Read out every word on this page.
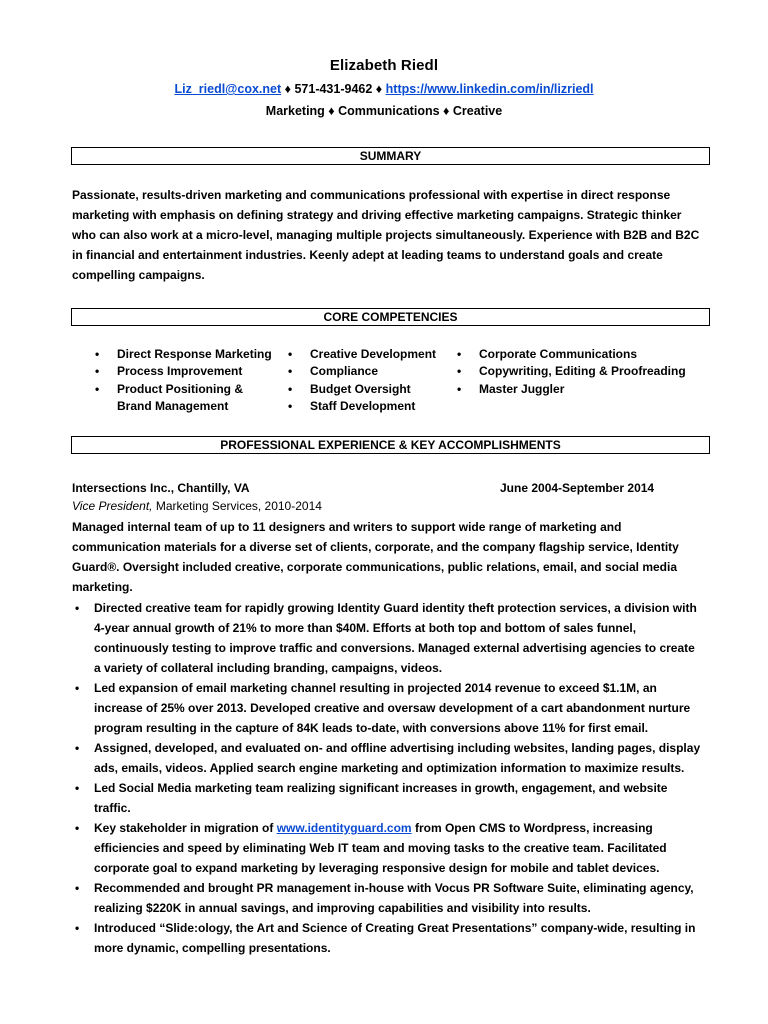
Elizabeth Riedl
Liz_riedl@cox.net ♦ 571-431-9462 ♦ https://www.linkedin.com/in/lizriedl
Marketing ♦ Communications ♦ Creative
SUMMARY
Passionate, results-driven marketing and communications professional with expertise in direct response
marketing with emphasis on defining strategy and driving effective marketing campaigns. Strategic thinker
who can also work at a micro-level, managing multiple projects simultaneously. Experience with B2B and B2C
in financial and entertainment industries. Keenly adept at leading teams to understand goals and create
compelling campaigns.
CORE COMPETENCIES
• Direct Response Marketing
• Process Improvement
• Product Positioning &
Brand Management
• Creative Development
• Compliance
• Budget Oversight
• Staff Development
• Corporate Communications
• Copywriting, Editing & Proofreading
• Master Juggler
PROFESSIONAL EXPERIENCE & KEY ACCOMPLISHMENTS
Intersections Inc., Chantilly, VA	June 2004-September 2014
Vice President, Marketing Services, 2010-2014
Managed internal team of up to 11 designers and writers to support wide range of marketing and
communication materials for a diverse set of clients, corporate, and the company flagship service, Identity
Guard®. Oversight included creative, corporate communications, public relations, email, and social media
marketing.
• Directed creative team for rapidly growing Identity Guard identity theft protection services, a division with
4-year annual growth of 21% to more than $40M. Efforts at both top and bottom of sales funnel,
continuously testing to improve traffic and conversions. Managed external advertising agencies to create
a variety of collateral including branding, campaigns, videos.
• Led expansion of email marketing channel resulting in projected 2014 revenue to exceed $1.1M, an
increase of 25% over 2013. Developed creative and oversaw development of a cart abandonment nurture
program resulting in the capture of 84K leads to-date, with conversions above 11% for first email.
• Assigned, developed, and evaluated on- and offline advertising including websites, landing pages, display
ads, emails, videos. Applied search engine marketing and optimization information to maximize results.
• Led Social Media marketing team realizing significant increases in growth, engagement, and website
traffic.
• Key stakeholder in migration of www.identityguard.com from Open CMS to Wordpress, increasing
efficiencies and speed by eliminating Web IT team and moving tasks to the creative team. Facilitated
corporate goal to expand marketing by leveraging responsive design for mobile and tablet devices.
• Recommended and brought PR management in-house with Vocus PR Software Suite, eliminating agency,
realizing $220K in annual savings, and improving capabilities and visibility into results.
• Introduced “Slide:ology, the Art and Science of Creating Great Presentations” company-wide, resulting in
more dynamic, compelling presentations.
